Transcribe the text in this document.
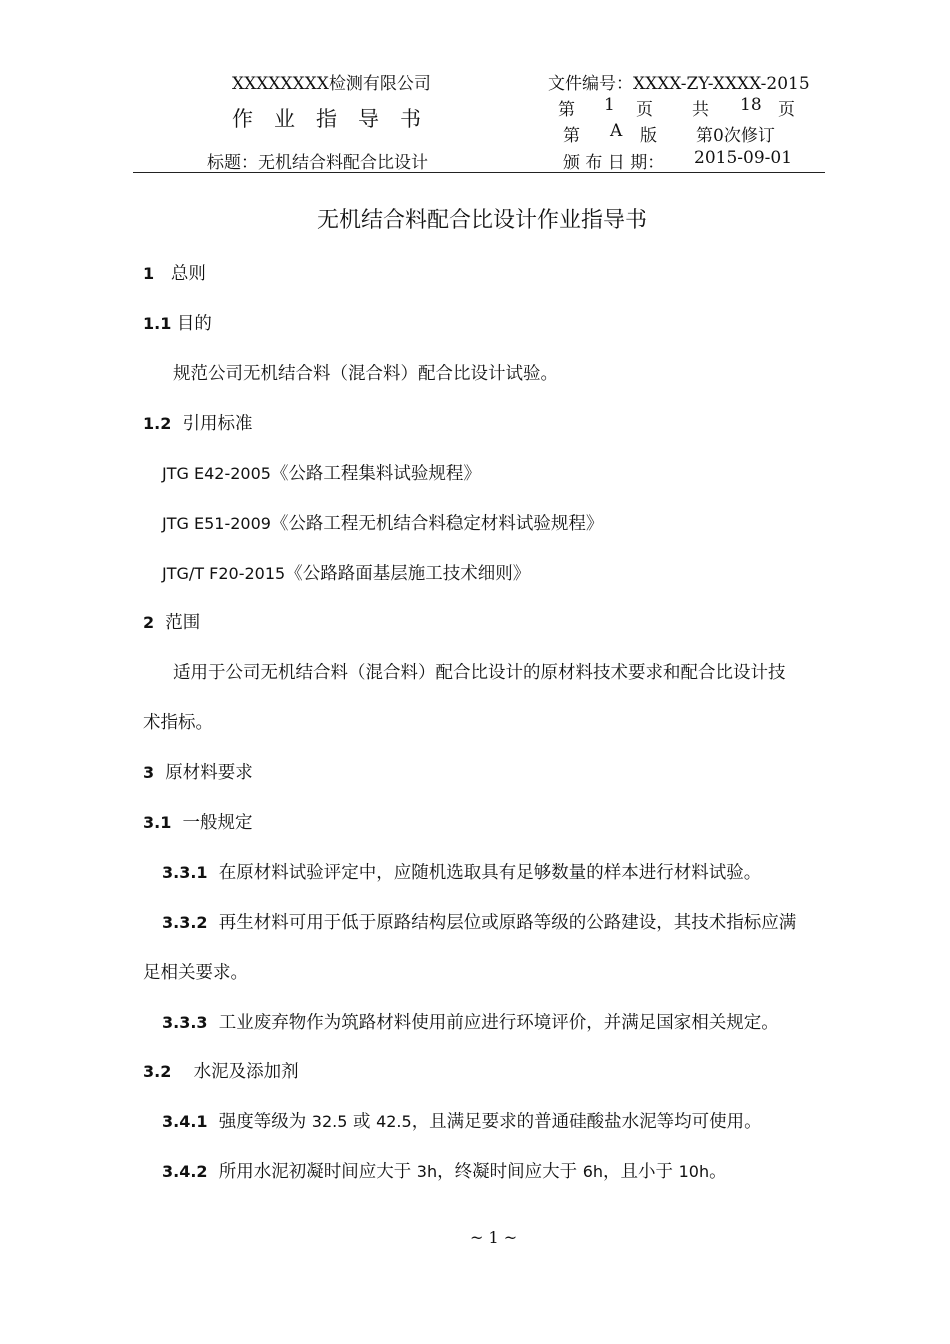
XXXXXXXX检测有限公司
作业指导书
标题：无机结合料配合比设计
文件编号：XXXX-ZY-XXXX-2015
第 1 页 共 18 页
第 A 版 第0次修订
颁 布 日 期： 2015-09-01
无机结合料配合比设计作业指导书
1 总则
1.1 目的
规范公司无机结合料（混合料）配合比设计试验。
1.2 引用标准
JTG E42-2005《公路工程集料试验规程》
JTG E51-2009《公路工程无机结合料稳定材料试验规程》
JTG/T F20-2015《公路路面基层施工技术细则》
2 范围
适用于公司无机结合料（混合料）配合比设计的原材料技术要求和配合比设计技
术指标。
3 原材料要求
3.1 一般规定
3.3.1 在原材料试验评定中，应随机选取具有足够数量的样本进行材料试验。
3.3.2 再生材料可用于低于原路结构层位或原路等级的公路建设，其技术指标应满
足相关要求。
3.3.3 工业废弃物作为筑路材料使用前应进行环境评价，并满足国家相关规定。
3.2 水泥及添加剂
3.4.1 强度等级为 32.5 或 42.5，且满足要求的普通硅酸盐水泥等均可使用。
3.4.2 所用水泥初凝时间应大于 3h，终凝时间应大于 6h，且小于 10h。
~ 1 ~
